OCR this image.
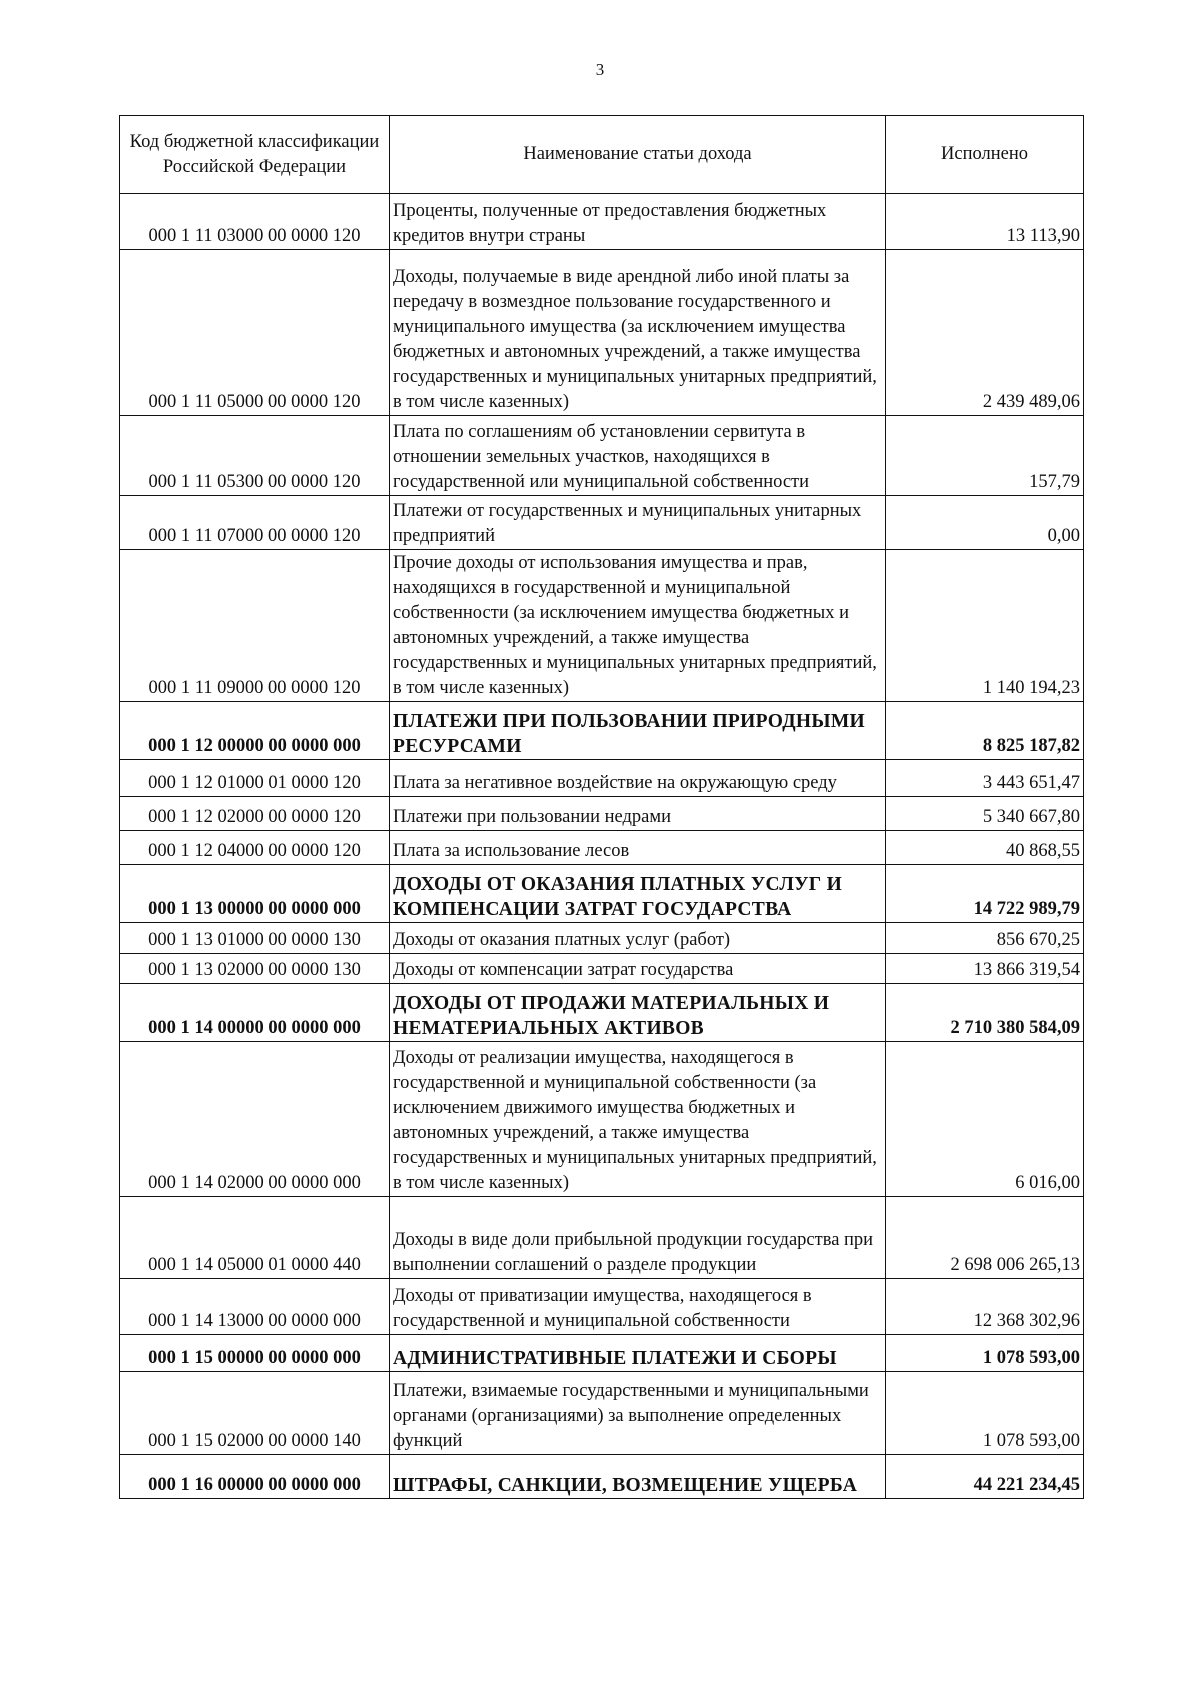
3
Код бюджетной классификации Российской Федерации	Наименование статьи дохода	Исполнено
000 1 11 03000 00 0000 120	Проценты, полученные от предоставления бюджетных кредитов внутри страны	13 113,90
000 1 11 05000 00 0000 120	Доходы, получаемые в виде арендной либо иной платы за передачу в возмездное пользование государственного и муниципального имущества (за исключением имущества бюджетных и автономных учреждений, а также имущества государственных и муниципальных унитарных предприятий, в том числе казенных)	2 439 489,06
000 1 11 05300 00 0000 120	Плата по соглашениям об установлении сервитута в отношении земельных участков, находящихся в государственной или муниципальной собственности	157,79
000 1 11 07000 00 0000 120	Платежи от государственных и муниципальных унитарных предприятий	0,00
000 1 11 09000 00 0000 120	Прочие доходы от использования имущества и прав, находящихся в государственной и муниципальной собственности (за исключением имущества бюджетных и автономных учреждений, а также имущества государственных и муниципальных унитарных предприятий, в том числе казенных)	1 140 194,23
000 1 12 00000 00 0000 000	ПЛАТЕЖИ ПРИ ПОЛЬЗОВАНИИ ПРИРОДНЫМИ РЕСУРСАМИ	8 825 187,82
000 1 12 01000 01 0000 120	Плата за негативное воздействие на окружающую среду	3 443 651,47
000 1 12 02000 00 0000 120	Платежи при пользовании недрами	5 340 667,80
000 1 12 04000 00 0000 120	Плата за использование лесов	40 868,55
000 1 13 00000 00 0000 000	ДОХОДЫ ОТ ОКАЗАНИЯ ПЛАТНЫХ УСЛУГ И КОМПЕНСАЦИИ ЗАТРАТ ГОСУДАРСТВА	14 722 989,79
000 1 13 01000 00 0000 130	Доходы от оказания платных услуг (работ)	856 670,25
000 1 13 02000 00 0000 130	Доходы от компенсации затрат государства	13 866 319,54
000 1 14 00000 00 0000 000	ДОХОДЫ ОТ ПРОДАЖИ МАТЕРИАЛЬНЫХ И НЕМАТЕРИАЛЬНЫХ АКТИВОВ	2 710 380 584,09
000 1 14 02000 00 0000 000	Доходы от реализации имущества, находящегося в государственной и муниципальной собственности (за исключением движимого имущества бюджетных и автономных учреждений, а также имущества государственных и муниципальных унитарных предприятий, в том числе казенных)	6 016,00
000 1 14 05000 01 0000 440	Доходы в виде доли прибыльной продукции государства при выполнении соглашений о разделе продукции	2 698 006 265,13
000 1 14 13000 00 0000 000	Доходы от приватизации имущества, находящегося в государственной и муниципальной собственности	12 368 302,96
000 1 15 00000 00 0000 000	АДМИНИСТРАТИВНЫЕ ПЛАТЕЖИ И СБОРЫ	1 078 593,00
000 1 15 02000 00 0000 140	Платежи, взимаемые государственными и муниципальными органами (организациями) за выполнение определенных функций	1 078 593,00
000 1 16 00000 00 0000 000	ШТРАФЫ, САНКЦИИ, ВОЗМЕЩЕНИЕ УЩЕРБА	44 221 234,45
